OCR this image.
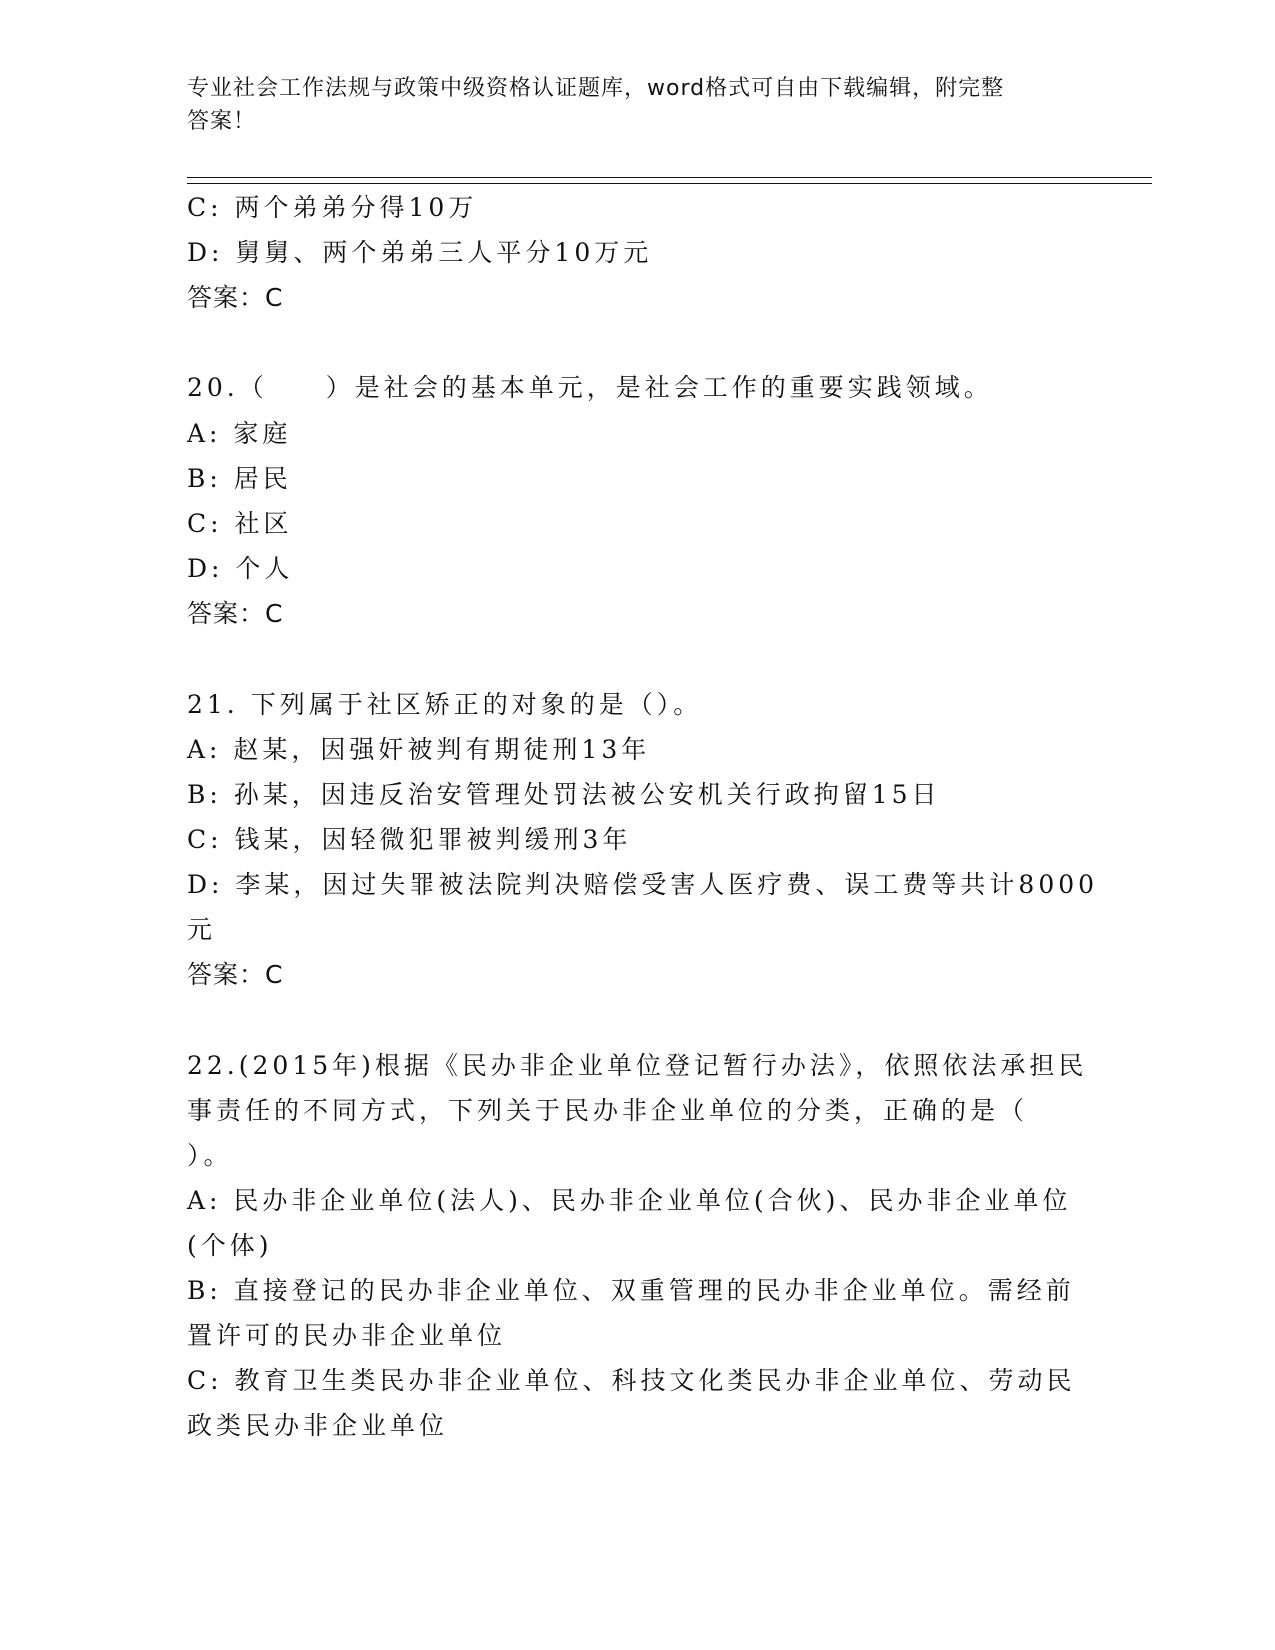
专业社会工作法规与政策中级资格认证题库，word格式可自由下载编辑，附完整
答案！
C: 两个弟弟分得10万
D: 舅舅、两个弟弟三人平分10万元
答案：C
20.（　　）是社会的基本单元，是社会工作的重要实践领域。
A: 家庭
B: 居民
C: 社区
D: 个人
答案：C
21. 下列属于社区矫正的对象的是（）。
A: 赵某，因强奸被判有期徒刑13年
B: 孙某，因违反治安管理处罚法被公安机关行政拘留15日
C: 钱某，因轻微犯罪被判缓刑3年
D: 李某，因过失罪被法院判决赔偿受害人医疗费、误工费等共计8000
元
答案：C
22.(2015年)根据《民办非企业单位登记暂行办法》，依照依法承担民
事责任的不同方式，下列关于民办非企业单位的分类，正确的是（
）。
A: 民办非企业单位(法人)、民办非企业单位(合伙)、民办非企业单位
(个体)
B: 直接登记的民办非企业单位、双重管理的民办非企业单位。需经前
置许可的民办非企业单位
C: 教育卫生类民办非企业单位、科技文化类民办非企业单位、劳动民
政类民办非企业单位
